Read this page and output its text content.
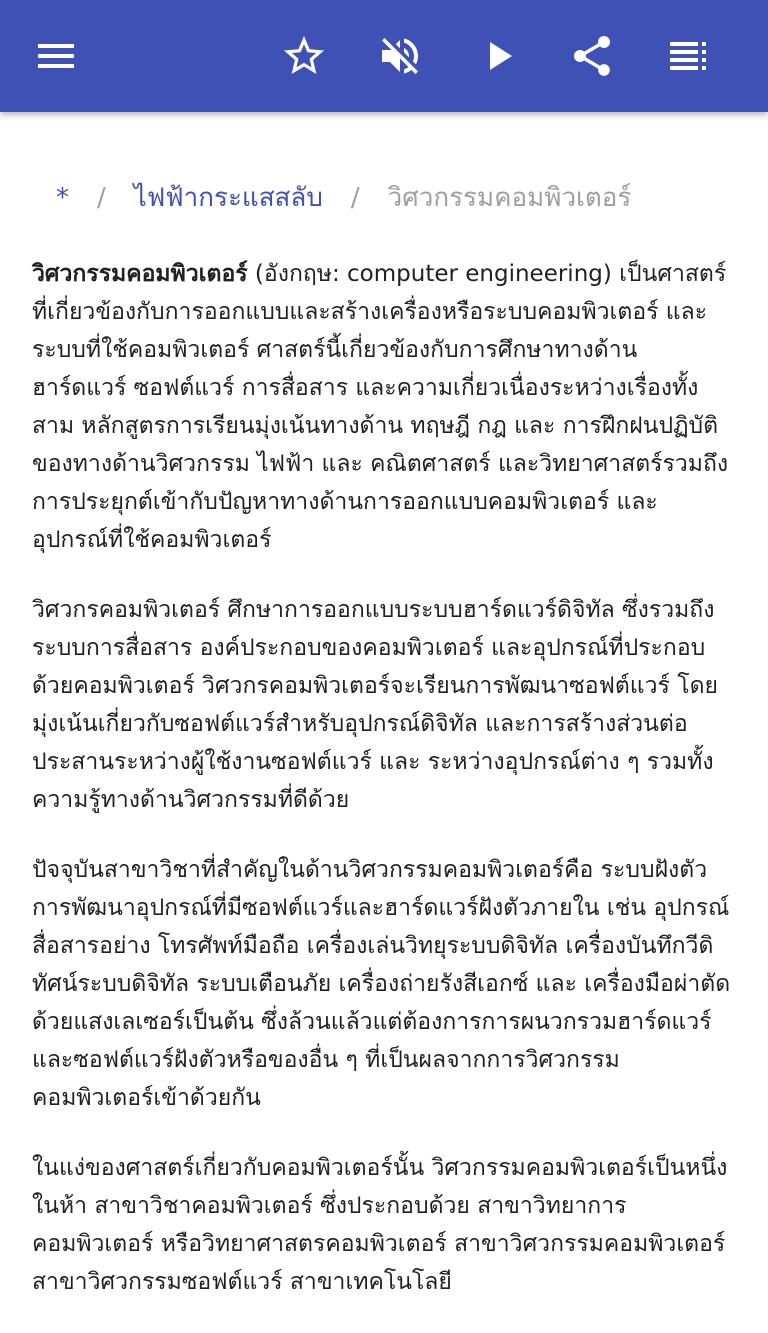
* / ไฟฟ้ากระแสสลับ / วิศวกรรมคอมพิวเตอร์

วิศวกรรมคอมพิวเตอร์ (อังกฤษ: computer engineering) เป็นศาสตร์ที่เกี่ยวข้องกับการออกแบบและสร้างเครื่องหรือระบบคอมพิวเตอร์ และ ระบบที่ใช้คอมพิวเตอร์ ศาสตร์นี้เกี่ยวข้องกับการศึกษาทางด้าน ฮาร์ดแวร์ ซอฟต์แวร์ การสื่อสาร และความเกี่ยวเนื่องระหว่างเรื่องทั้งสาม หลักสูตรการเรียนมุ่งเน้นทางด้าน ทฤษฎี กฎ และ การฝึกฝนปฏิบัติของทางด้านวิศวกรรม ไฟฟ้า และ คณิตศาสตร์ และวิทยาศาสตร์รวมถึงการประยุกต์เข้ากับปัญหาทางด้านการออกแบบคอมพิวเตอร์ และ อุปกรณ์ที่ใช้คอมพิวเตอร์

วิศวกรคอมพิวเตอร์ ศึกษาการออกแบบระบบฮาร์ดแวร์ดิจิทัล ซึ่งรวมถึงระบบการสื่อสาร องค์ประกอบของคอมพิวเตอร์ และอุปกรณ์ที่ประกอบด้วยคอมพิวเตอร์ วิศวกรคอมพิวเตอร์จะเรียนการพัฒนาซอฟต์แวร์ โดยมุ่งเน้นเกี่ยวกับซอฟต์แวร์สำหรับอุปกรณ์ดิจิทัล และการสร้างส่วนต่อประสานระหว่างผู้ใช้งานซอฟต์แวร์ และ ระหว่างอุปกรณ์ต่าง ๆ รวมทั้งความรู้ทางด้านวิศวกรรมที่ดีด้วย

ปัจจุบันสาขาวิชาที่สำคัญในด้านวิศวกรรมคอมพิวเตอร์คือ ระบบฝังตัว การพัฒนาอุปกรณ์ที่มีซอฟต์แวร์และฮาร์ดแวร์ฝังตัวภายใน เช่น อุปกรณ์สื่อสารอย่าง โทรศัพท์มือถือ เครื่องเล่นวิทยุระบบดิจิทัล เครื่องบันทึกวีดิทัศน์ระบบดิจิทัล ระบบเตือนภัย เครื่องถ่ายรังสีเอกซ์ และ เครื่องมือผ่าตัดด้วยแสงเลเซอร์เป็นต้น ซึ่งล้วนแล้วแต่ต้องการการผนวกรวมฮาร์ดแวร์และซอฟต์แวร์ฝังตัวหรือของอื่น ๆ ที่เป็นผลจากการวิศวกรรมคอมพิวเตอร์เข้าด้วยกัน

ในแง่ของศาสตร์เกี่ยวกับคอมพิวเตอร์นั้น วิศวกรรมคอมพิวเตอร์เป็นหนึ่งในห้า สาขาวิชาคอมพิวเตอร์ ซึ่งประกอบด้วย สาขาวิทยาการคอมพิวเตอร์ หรือวิทยาศาสตรคอมพิวเตอร์ สาขาวิศวกรรมคอมพิวเตอร์ สาขาวิศวกรรมซอฟต์แวร์ สาขาเทคโนโลยี
